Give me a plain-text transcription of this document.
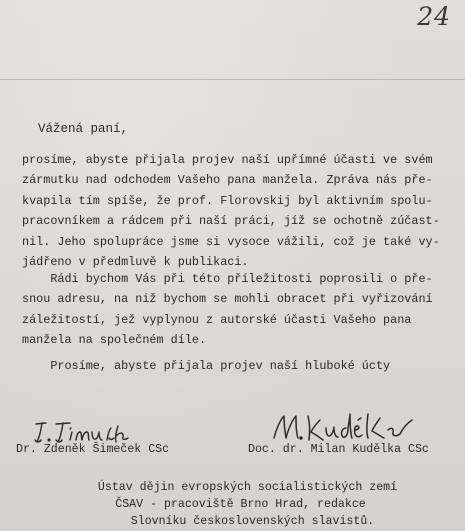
24
Vážená paní,

prosíme, abyste přijala projev naší upřímné účasti ve svém
zármutku nad odchodem Vašeho pana manžela. Zpráva nás pře-
kvapila tím spíše, že prof. Florovskij byl aktivním spolu-
pracovníkem a rádcem při naší práci, jíž se ochotně zúčast-
nil. Jeho spolupráce jsme si vysoce vážili, což je také vy-
jádřeno v předmluvě k publikaci.

Rádi bychom Vás při této příležitosti poprosili o pře-
snou adresu, na niž bychom se mohli obracet při vyřizování
záležitostí, jež vyplynou z autorské účasti Vašeho pana
manžela na společném díle.

Prosíme, abyste přijala projev naší hluboké úcty

Dr. Zdeněk Šimeček CSc	Doc. dr. Milan Kudělka CSc
Ústav dějin evropských socialistických zemí
ČSAV - pracoviště Brno Hrad, redakce
Slovníku československých slavistů.
